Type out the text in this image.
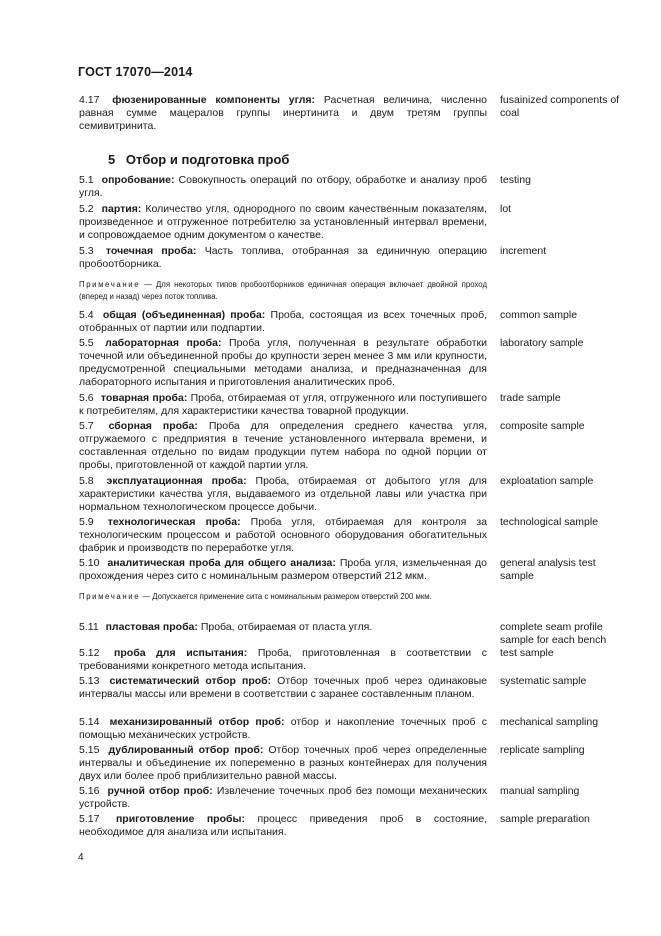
ГОСТ 17070—2014
4.17 фюзенированные компоненты угля: Расчетная величина, численно равная сумме мацералов группы инертинита и двум третям группы семивитринита.
fusainized components of coal
5 Отбор и подготовка проб
5.1 опробование: Совокупность операций по отбору, обработке и анализу проб угля.
testing
5.2 партия: Количество угля, однородного по своим качественным показателям, произведенное и отгруженное потребителю за установленный интервал времени, и сопровождаемое одним документом о качестве.
lot
5.3 точечная проба: Часть топлива, отобранная за единичную операцию пробоотборника.
increment
Примечание — Для некоторых типов пробоотборников единичная операция включает двойной проход (вперед и назад) через поток топлива.
5.4 общая (объединенная) проба: Проба, состоящая из всех точечных проб, отобранных от партии или подпартии.
common sample
5.5 лабораторная проба: Проба угля, полученная в результате обработки точечной или объединенной пробы до крупности зерен менее 3 мм или крупности, предусмотренной специальными методами анализа, и предназначенная для лабораторного испытания и приготовления аналитических проб.
laboratory sample
5.6 товарная проба: Проба, отбираемая от угля, отгруженного или поступившего к потребителям, для характеристики качества товарной продукции.
trade sample
5.7 сборная проба: Проба для определения среднего качества угля, отгружаемого с предприятия в течение установленного интервала времени, и составленная отдельно по видам продукции путем набора по одной порции от пробы, приготовленной от каждой партии угля.
composite sample
5.8 эксплуатационная проба: Проба, отбираемая от добытого угля для характеристики качества угля, выдаваемого из отдельной лавы или участка при нормальном технологическом процессе добычи.
exploatation sample
5.9 технологическая проба: Проба угля, отбираемая для контроля за технологическим процессом и работой основного оборудования обогатительных фабрик и производств по переработке угля.
technological sample
5.10 аналитическая проба для общего анализа: Проба угля, измельченная до прохождения через сито с номинальным размером отверстий 212 мкм.
general analysis test sample
Примечание — Допускается применение сита с номинальным размером отверстий 200 мкм.
5.11 пластовая проба: Проба, отбираемая от пласта угля.	complete seam profile sample for each bench
5.12 проба для испытания: Проба, приготовленная в соответствии с требованиями конкретного метода испытания.
test sample
5.13 систематический отбор проб: Отбор точечных проб через одинаковые интервалы массы или времени в соответствии с заранее составленным планом.
systematic sample
5.14 механизированный отбор проб: отбор и накопление точечных проб с помощью механических устройств.
mechanical sampling
5.15 дублированный отбор проб: Отбор точечных проб через определенные интервалы и объединение их попеременно в разных контейнерах для получения двух или более проб приблизительно равной массы.
replicate sampling
5.16 ручной отбор проб: Извлечение точечных проб без помощи механических устройств.
manual sampling
5.17 приготовление пробы: процесс приведения проб в состояние, необходимое для анализа или испытания.
sample preparation
4
